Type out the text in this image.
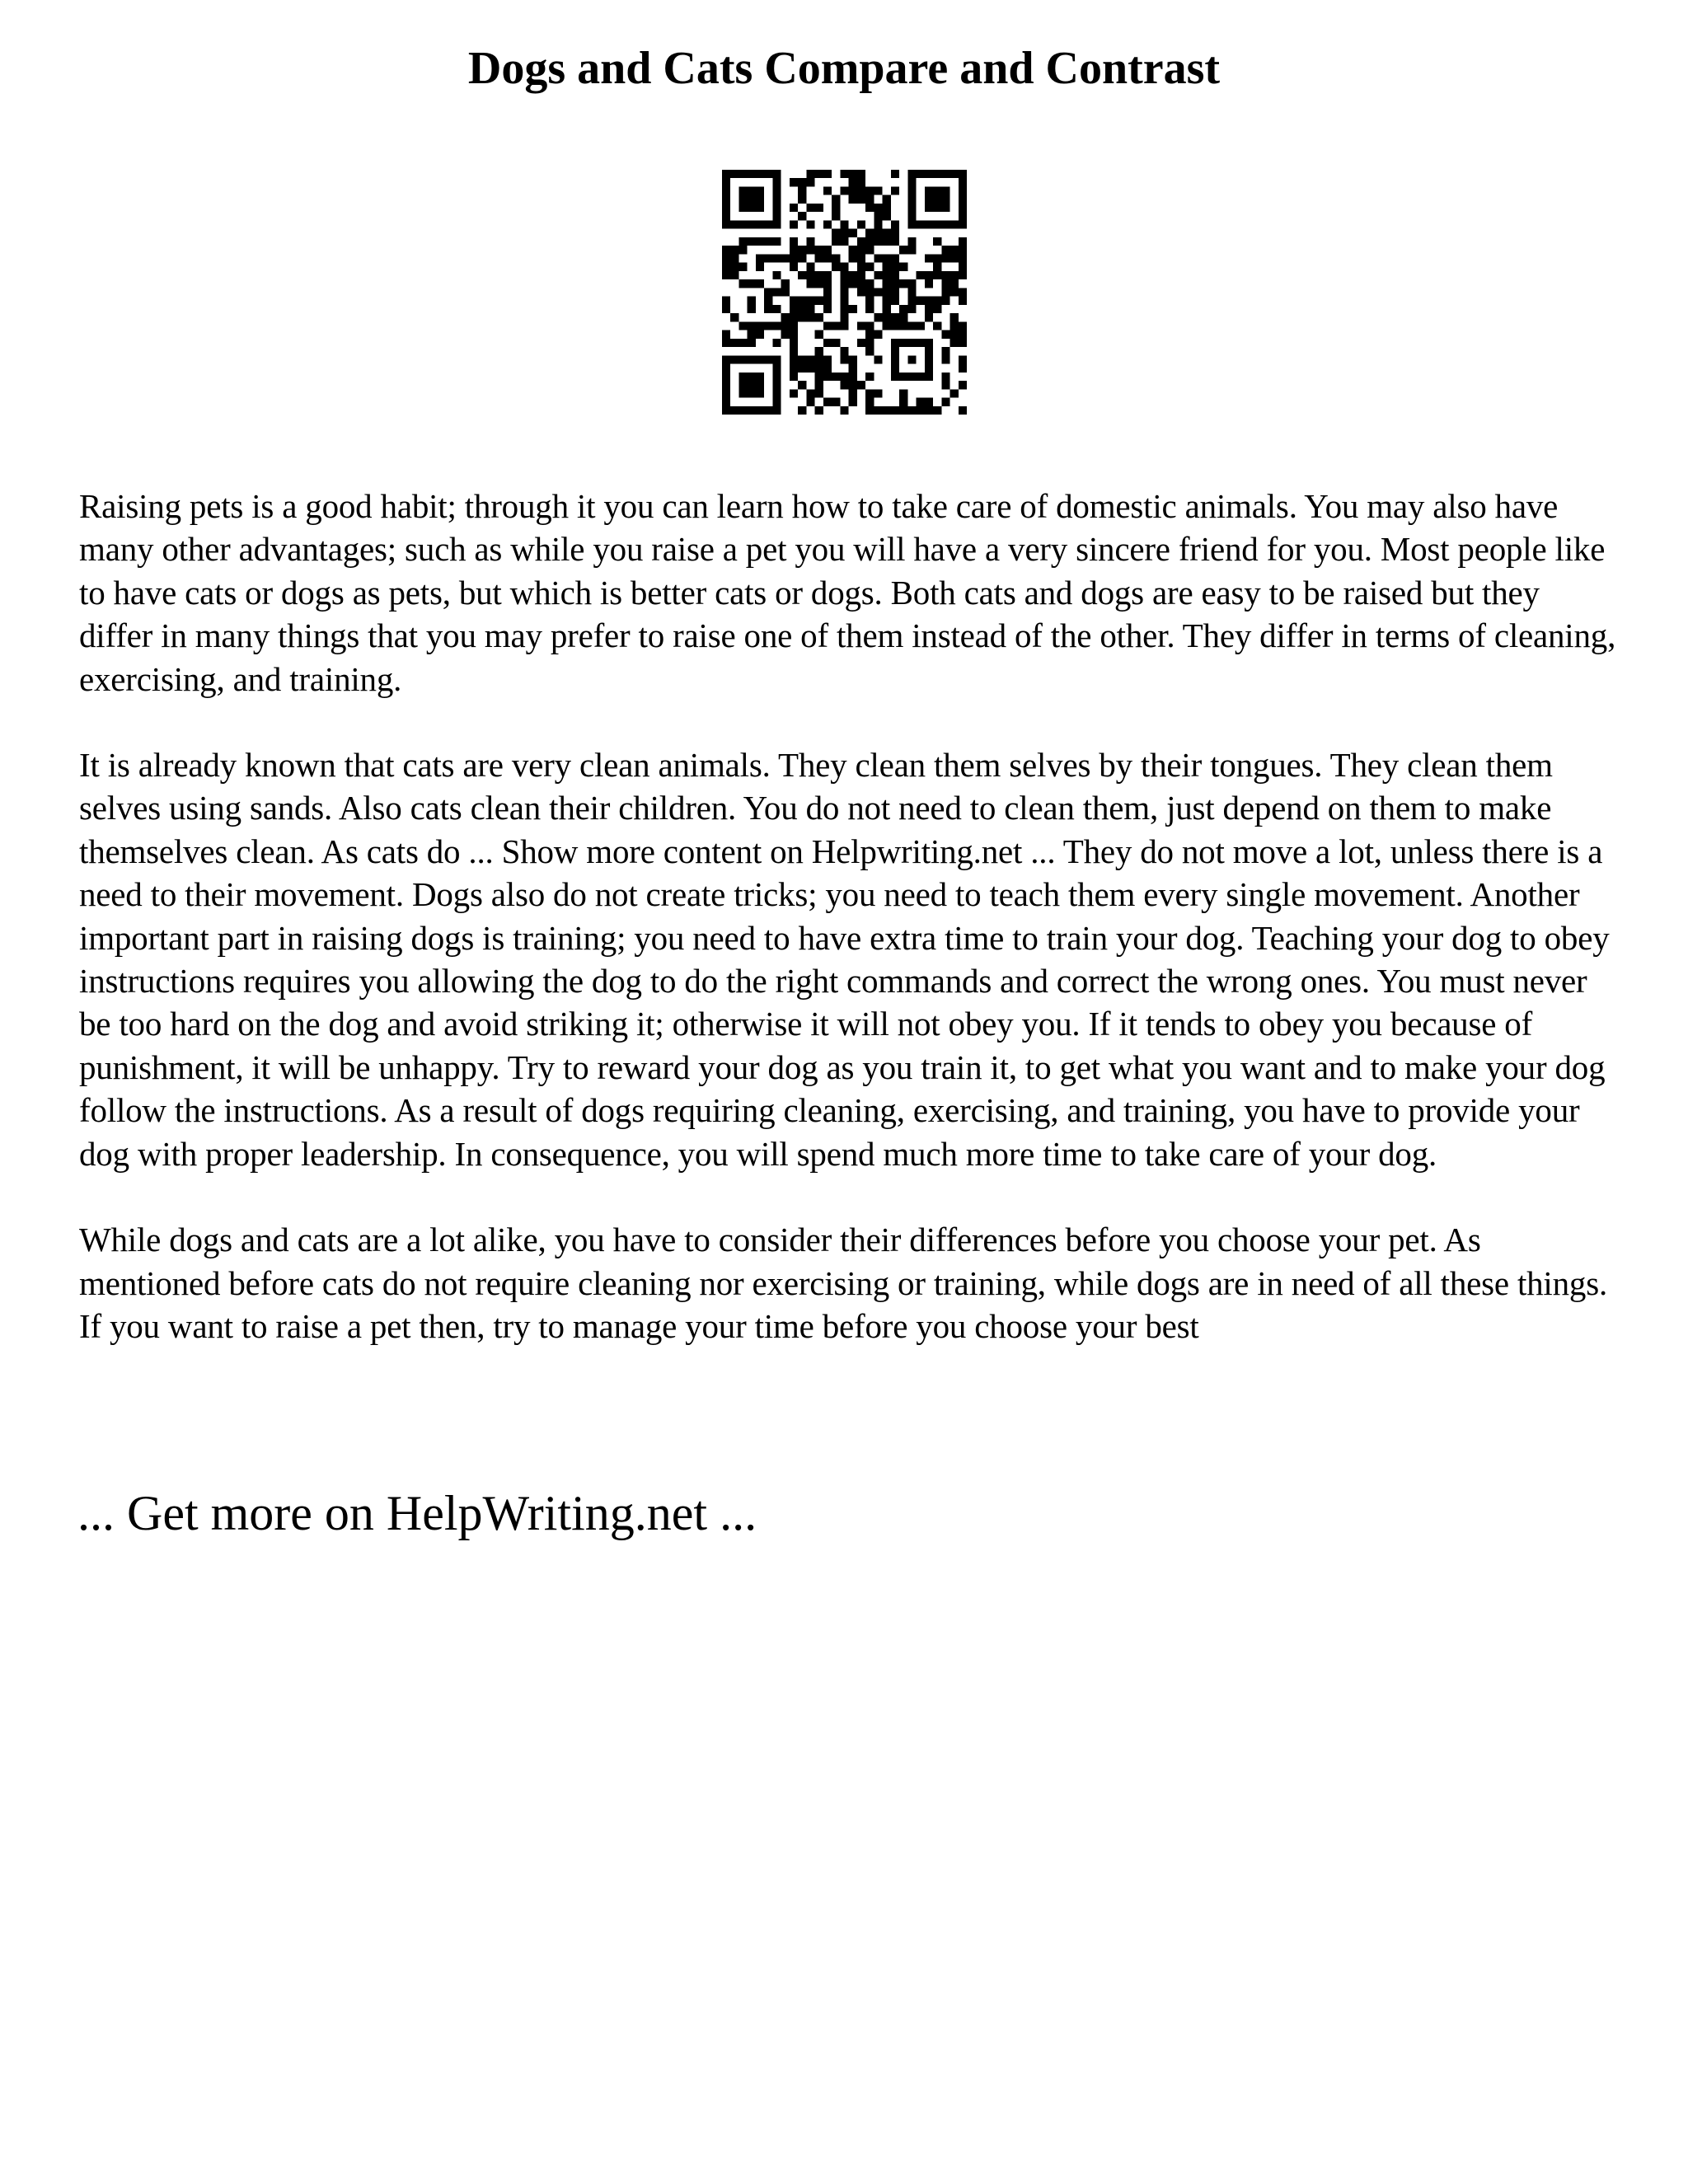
Dogs and Cats Compare and Contrast

Raising pets is a good habit; through it you can learn how to take care of domestic animals. You may also have many other advantages; such as while you raise a pet you will have a very sincere friend for you. Most people like to have cats or dogs as pets, but which is better cats or dogs. Both cats and dogs are easy to be raised but they differ in many things that you may prefer to raise one of them instead of the other. They differ in terms of cleaning, exercising, and training.

It is already known that cats are very clean animals. They clean them selves by their tongues. They clean them selves using sands. Also cats clean their children. You do not need to clean them, just depend on them to make themselves clean. As cats do ... Show more content on Helpwriting.net ... They do not move a lot, unless there is a need to their movement. Dogs also do not create tricks; you need to teach them every single movement. Another important part in raising dogs is training; you need to have extra time to train your dog. Teaching your dog to obey instructions requires you allowing the dog to do the right commands and correct the wrong ones. You must never be too hard on the dog and avoid striking it; otherwise it will not obey you. If it tends to obey you because of punishment, it will be unhappy. Try to reward your dog as you train it, to get what you want and to make your dog follow the instructions. As a result of dogs requiring cleaning, exercising, and training, you have to provide your dog with proper leadership. In consequence, you will spend much more time to take care of your dog.

While dogs and cats are a lot alike, you have to consider their differences before you choose your pet. As mentioned before cats do not require cleaning nor exercising or training, while dogs are in need of all these things. If you want to raise a pet then, try to manage your time before you choose your best

... Get more on HelpWriting.net ...
